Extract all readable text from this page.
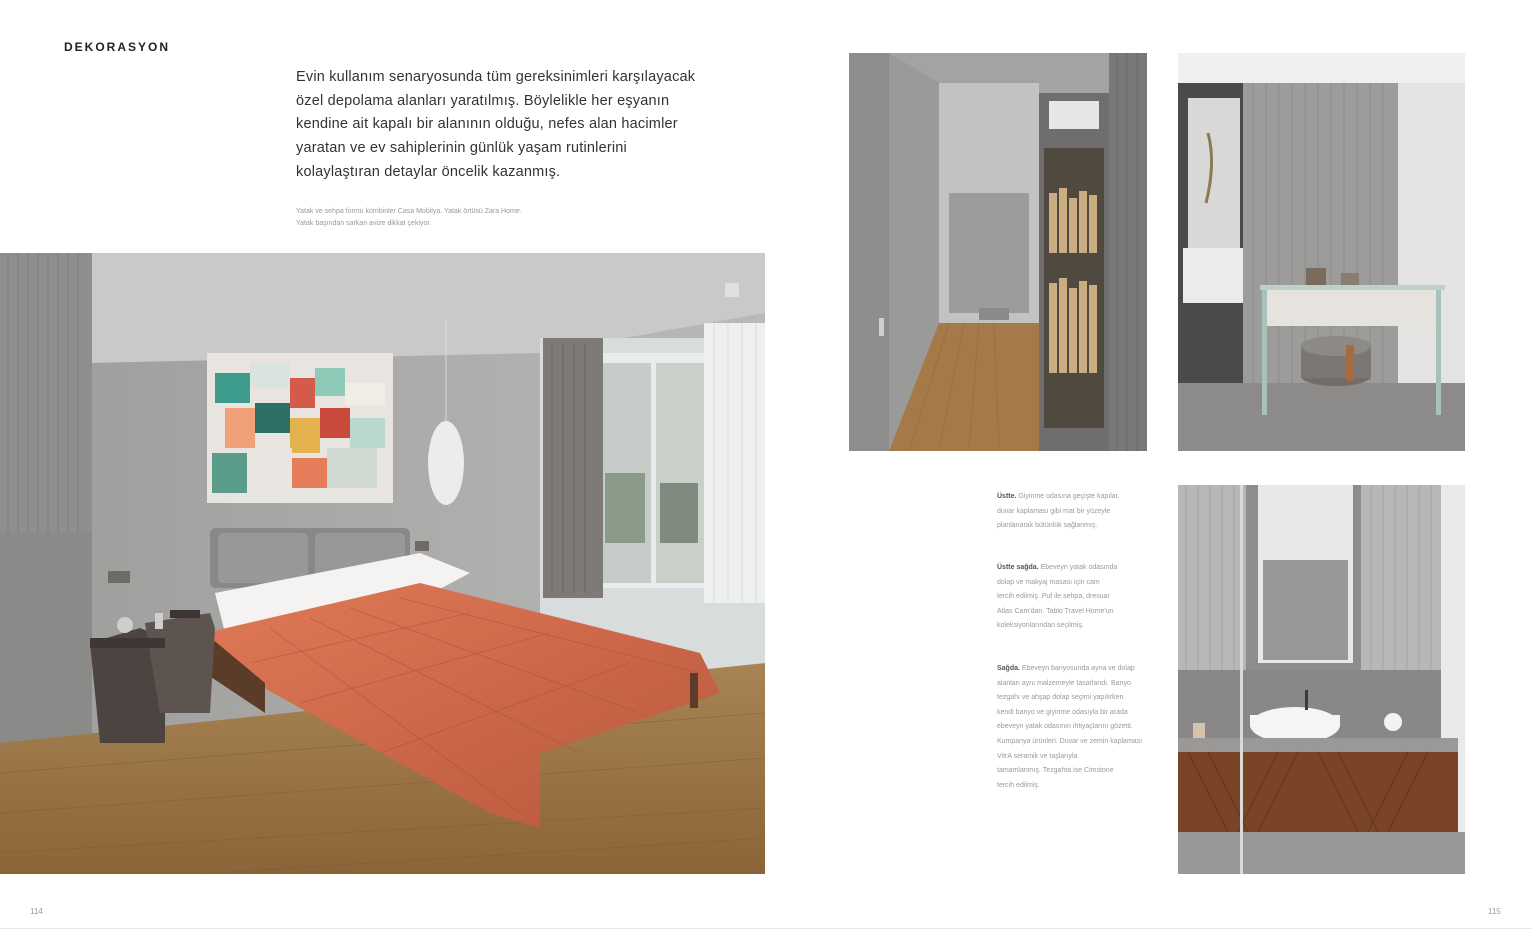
DEKORASYON
Evin kullanım senaryosunda tüm gereksinimleri karşılayacak
özel depolama alanları yaratılmış. Böylelikle her eşyanın
kendine ait kapalı bir alanının olduğu, nefes alan hacimler
yaratan ve ev sahiplerinin günlük yaşam rutinlerini
kolaylaştıran detaylar öncelik kazanmış.
Yatak ve sehpa formu kombinler Casa Mobilya. Yatak örtüsü Zara Home.
Yatak başından sarkan avize dikkat çekiyor.
Üstte. Giyinme odasına geçişte kapılar,
duvar kaplaması gibi mat bir yüzeyle
planlanarak bütünlük sağlanmış.
Üstte sağda. Ebeveyn yatak odasında
dolap ve makyaj masası için cam
tercih edilmiş. Puf ile sehpa, dresuar
Atlas Cam'dan. Tablo Travel Home'un
koleksiyonlarından seçilmiş.
Sağda. Ebeveyn banyosunda ayna ve dolap
alanları aynı malzemeyle tasarlandı. Banyo
tezgahı ve ahşap dolap seçimi yapılırken
kendi banyo ve giyinme odasıyla bir arada
ebeveyn yatak odasının ihtiyaçlarını gözetti.
Kumpanya ürünleri. Duvar ve zemin kaplaması
VitrA seramik ve taşlarıyla
tamamlanmış. Tezgahta ise Cimstone
tercih edilmiş.
114	115
